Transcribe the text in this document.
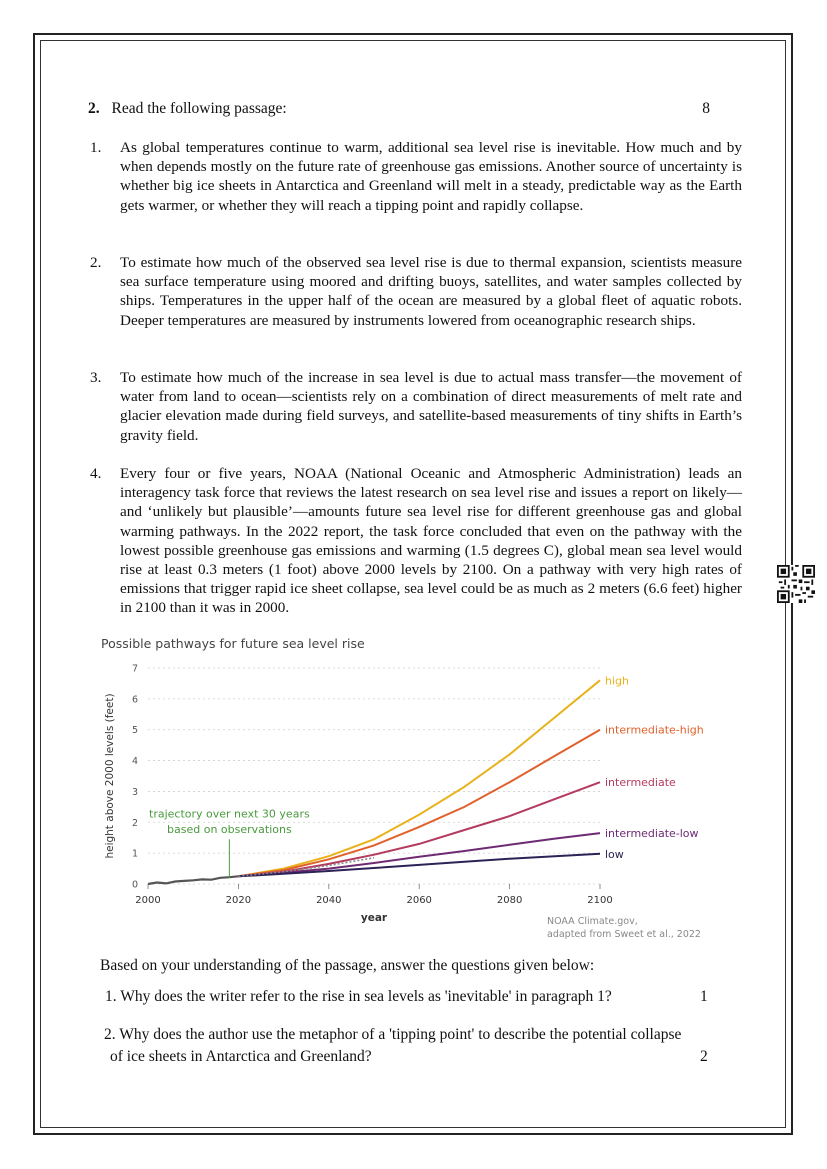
2. Read the following passage:	8
1. As global temperatures continue to warm, additional sea level rise is inevitable. How much and by when depends mostly on the future rate of greenhouse gas emissions. Another source of uncertainty is whether big ice sheets in Antarctica and Greenland will melt in a steady, predictable way as the Earth gets warmer, or whether they will reach a tipping point and rapidly collapse.
2. To estimate how much of the observed sea level rise is due to thermal expansion, scientists measure sea surface temperature using moored and drifting buoys, satellites, and water samples collected by ships. Temperatures in the upper half of the ocean are measured by a global fleet of aquatic robots. Deeper temperatures are measured by instruments lowered from oceanographic research ships.
3. To estimate how much of the increase in sea level is due to actual mass transfer—the movement of water from land to ocean—scientists rely on a combination of direct measurements of melt rate and glacier elevation made during field surveys, and satellite-based measurements of tiny shifts in Earth’s gravity field.
4. Every four or five years, NOAA (National Oceanic and Atmospheric Administration) leads an interagency task force that reviews the latest research on sea level rise and issues a report on likely— and ‘unlikely but plausible’—amounts future sea level rise for different greenhouse gas and global warming pathways. In the 2022 report, the task force concluded that even on the pathway with the lowest possible greenhouse gas emissions and warming (1.5 degrees C), global mean sea level would rise at least 0.3 meters (1 foot) above 2000 levels by 2100. On a pathway with very high rates of emissions that trigger rapid ice sheet collapse, sea level could be as much as 2 meters (6.6 feet) higher in 2100 than it was in 2000.
Possible pathways for future sea level rise
0
1
2
3
4
5
6
7
2000	2020	2040	2060	2080	2100
year
height above 2000 levels (feet)
high
intermediate-high
intermediate
intermediate-low
low
trajectory over next 30 years
based on observations
NOAA Climate.gov,
adapted from Sweet et al., 2022
Based on your understanding of the passage, answer the questions given below:
1. Why does the writer refer to the rise in sea levels as 'inevitable' in paragraph 1?	1
2. Why does the author use the metaphor of a 'tipping point' to describe the potential collapse
of ice sheets in Antarctica and Greenland?	2
